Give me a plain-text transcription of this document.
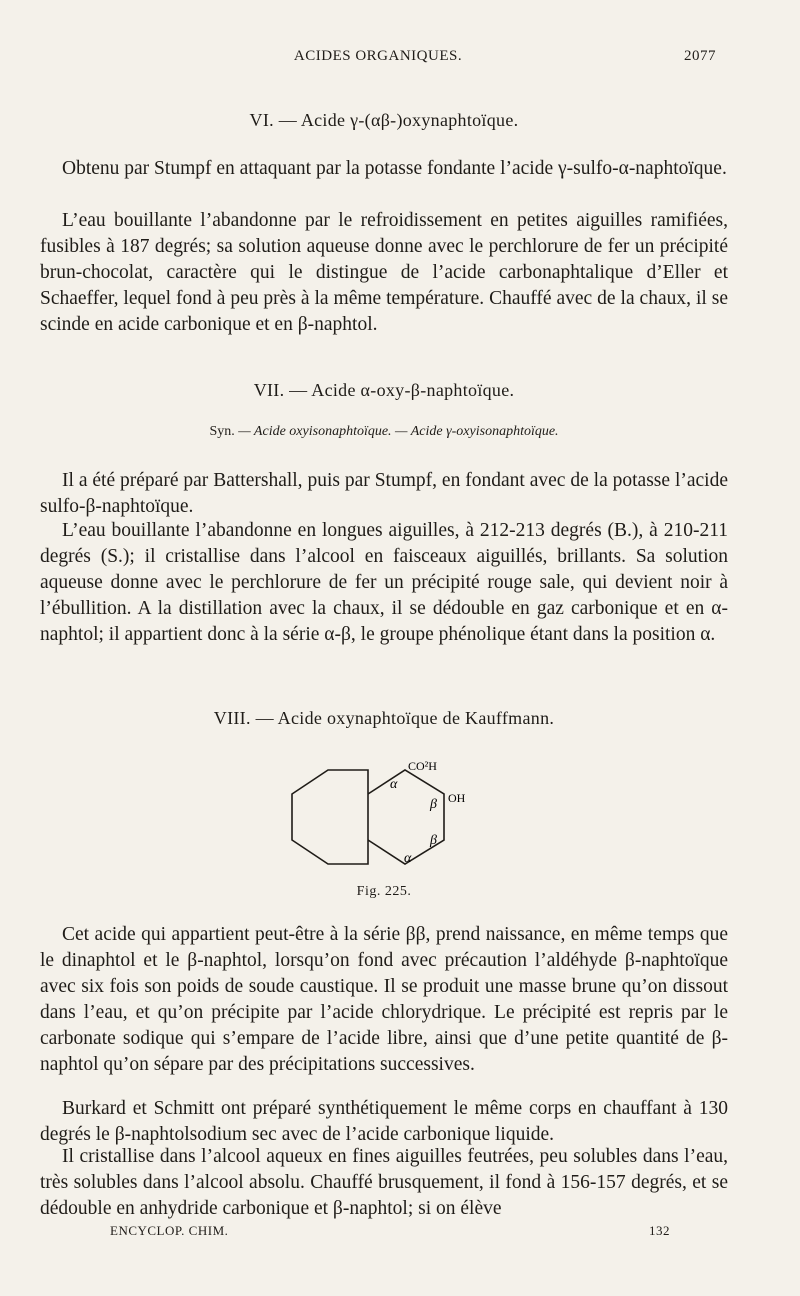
ACIDES ORGANIQUES.	2077
VI. — Acide γ-(αβ-)oxynaphtoïque.

Obtenu par Stumpf en attaquant par la potasse fondante l’acide γ-sulfo-α-naphtoïque.

L’eau bouillante l’abandonne par le refroidissement en petites aiguilles ramifiées, fusibles à 187 degrés; sa solution aqueuse donne avec le perchlorure de fer un précipité brun-chocolat, caractère qui le distingue de l’acide carbonaphtalique d’Eller et Schaeffer, lequel fond à peu près à la même température. Chauffé avec de la chaux, il se scinde en acide carbonique et en β-naphtol.

VII. — Acide α-oxy-β-naphtoïque.
Syn. — Acide oxyisonaphtoïque. — Acide γ-oxyisonaphtoïque.

Il a été préparé par Battershall, puis par Stumpf, en fondant avec de la potasse l’acide sulfo-β-naphtoïque.

L’eau bouillante l’abandonne en longues aiguilles, à 212-213 degrés (B.), à 210-211 degrés (S.); il cristallise dans l’alcool en faisceaux aiguillés, brillants. Sa solution aqueuse donne avec le perchlorure de fer un précipité rouge sale, qui devient noir à l’ébullition. A la distillation avec la chaux, il se dédouble en gaz carbonique et en α-naphtol; il appartient donc à la série α-β, le groupe phénolique étant dans la position α.

VIII. — Acide oxynaphtoïque de Kauffmann.
CO²H
α
β OH
β
α
Fig. 225.

Cet acide qui appartient peut-être à la série ββ, prend naissance, en même temps que le dinaphtol et le β-naphtol, lorsqu’on fond avec précaution l’aldéhyde β-naphtoïque avec six fois son poids de soude caustique. Il se produit une masse brune qu’on dissout dans l’eau, et qu’on précipite par l’acide chlorydrique. Le précipité est repris par le carbonate sodique qui s’empare de l’acide libre, ainsi que d’une petite quantité de β-naphtol qu’on sépare par des précipitations successives.

Burkard et Schmitt ont préparé synthétiquement le même corps en chauffant à 130 degrés le β-naphtolsodium sec avec de l’acide carbonique liquide.

Il cristallise dans l’alcool aqueux en fines aiguilles feutrées, peu solubles dans l’eau, très solubles dans l’alcool absolu. Chauffé brusquement, il fond à 156-157 degrés, et se dédouble en anhydride carbonique et β-naphtol; si on élève

ENCYCLOP. CHIM.	132
